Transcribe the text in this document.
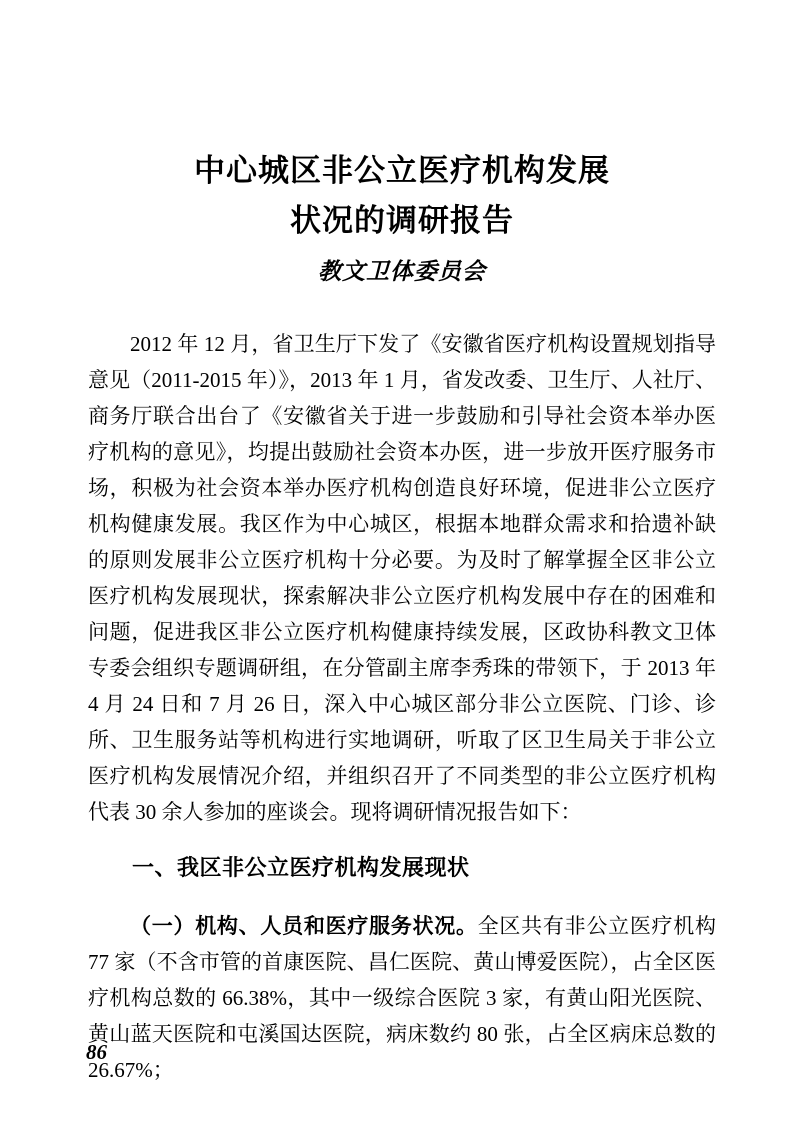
中心城区非公立医疗机构发展
状况的调研报告
教文卫体委员会

2012 年 12 月，省卫生厅下发了《安徽省医疗机构设置规划指导意见（2011-2015 年）》，2013 年 1 月，省发改委、卫生厅、人社厅、商务厅联合出台了《安徽省关于进一步鼓励和引导社会资本举办医疗机构的意见》，均提出鼓励社会资本办医，进一步放开医疗服务市场，积极为社会资本举办医疗机构创造良好环境，促进非公立医疗机构健康发展。我区作为中心城区，根据本地群众需求和拾遗补缺的原则发展非公立医疗机构十分必要。为及时了解掌握全区非公立医疗机构发展现状，探索解决非公立医疗机构发展中存在的困难和问题，促进我区非公立医疗机构健康持续发展，区政协科教文卫体专委会组织专题调研组，在分管副主席李秀珠的带领下，于 2013 年 4 月 24 日和 7 月 26 日，深入中心城区部分非公立医院、门诊、诊所、卫生服务站等机构进行实地调研，听取了区卫生局关于非公立医疗机构发展情况介绍，并组织召开了不同类型的非公立医疗机构代表 30 余人参加的座谈会。现将调研情况报告如下：

一、我区非公立医疗机构发展现状

（一）机构、人员和医疗服务状况。全区共有非公立医疗机构 77 家（不含市管的首康医院、昌仁医院、黄山博爱医院），占全区医疗机构总数的 66.38%，其中一级综合医院 3 家，有黄山阳光医院、黄山蓝天医院和屯溪国达医院，病床数约 80 张，占全区病床总数的 26.67%；

86
